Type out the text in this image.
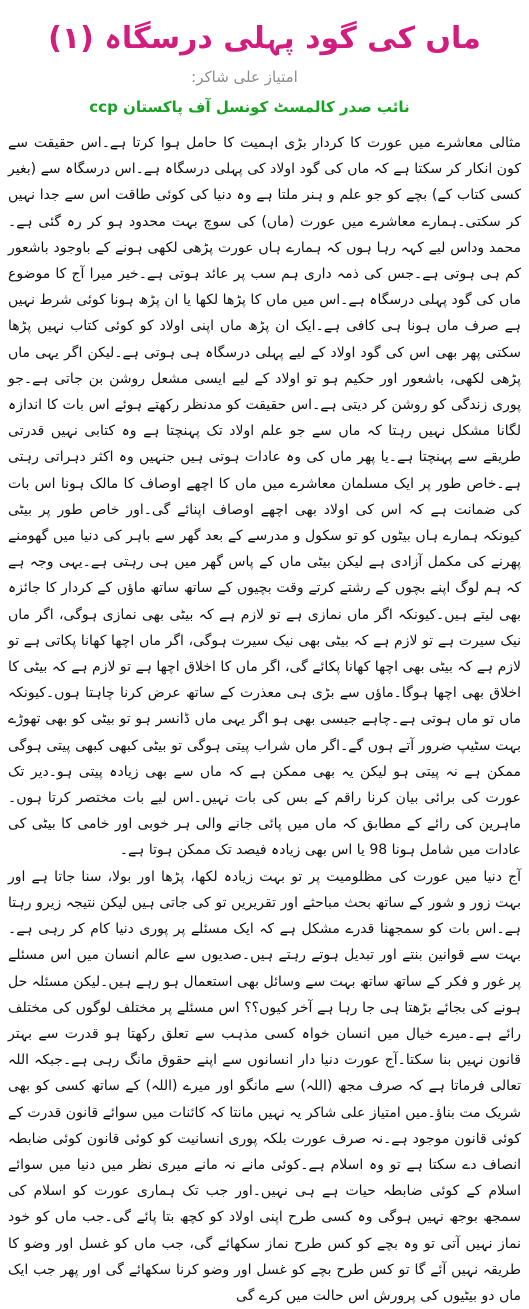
ماں کی گود پہلی درسگاہ (۱)
امتیاز علی شاکر:
نائب صدر کالمسٹ کونسل آف پاکستان ccp

مثالی معاشرے میں عورت کا کردار بڑی اہمیت کا حامل ہوا کرتا ہے۔اس حقیقت سے کون انکار کر سکتا ہے کہ ماں کی گود اولاد کی پہلی درسگاہ ہے۔اس درسگاہ سے (بغیر کسی کتاب کے) بچے کو جو علم و ہنر ملتا ہے وہ دنیا کی کوئی طاقت اس سے جدا نہیں کر سکتی۔ہمارے معاشرے میں عورت (ماں) کی سوچ بہت محدود ہو کر رہ گئی ہے۔محمد وداس لیے کہہ رہا ہوں کہ ہمارے ہاں عورت پڑھی لکھی ہونے کے باوجود باشعور کم ہی ہوتی ہے۔جس کی ذمہ داری ہم سب پر عائد ہوتی ہے۔خیر میرا آج کا موضوع ماں کی گود پہلی درسگاہ ہے۔اس میں ماں کا پڑھا لکھا یا ان پڑھ ہونا کوئی شرط نہیں ہے صرف ماں ہونا ہی کافی ہے۔ایک ان پڑھ ماں اپنی اولاد کو کوئی کتاب نہیں پڑھا سکتی پھر بھی اس کی گود اولاد کے لیے پہلی درسگاہ ہی ہوتی ہے۔لیکن اگر یہی ماں پڑھی لکھی، باشعور اور حکیم ہو تو اولاد کے لیے ایسی مشعل روشن بن جاتی ہے۔جو پوری زندگی کو روشن کر دیتی ہے۔اس حقیقت کو مدنظر رکھتے ہوئے اس بات کا اندازہ لگانا مشکل نہیں رہتا کہ ماں سے جو علم اولاد تک پہنچتا ہے وہ کتابی نہیں قدرتی طریقے سے پہنچتا ہے۔یا پھر ماں کی وہ عادات ہوتی ہیں جنہیں وہ اکثر دہراتی رہتی ہے۔خاص طور پر ایک مسلمان معاشرے میں ماں کا اچھے اوصاف کا مالک ہونا اس بات کی ضمانت ہے کہ اس کی اولاد بھی اچھے اوصاف اپنائے گی۔اور خاص طور پر بیٹی کیونکہ ہمارے ہاں بیٹوں کو تو سکول و مدرسے کے بعد گھر سے باہر کی دنیا میں گھومنے پھرنے کی مکمل آزادی ہے لیکن بیٹی ماں کے پاس گھر میں ہی رہتی ہے۔یہی وجہ ہے کہ ہم لوگ اپنے بچوں کے رشتے کرتے وقت بچیوں کے ساتھ ساتھ ماؤں کے کردار کا جائزہ بھی لیتے ہیں۔کیونکہ اگر ماں نمازی ہے تو لازم ہے کہ بیٹی بھی نمازی ہوگی، اگر ماں نیک سیرت ہے تو لازم ہے کہ بیٹی بھی نیک سیرت ہوگی، اگر ماں اچھا کھانا پکاتی ہے تو لازم ہے کہ بیٹی بھی اچھا کھانا پکائے گی، اگر ماں کا اخلاق اچھا ہے تو لازم ہے کہ بیٹی کا اخلاق بھی اچھا ہوگا۔ماؤں سے بڑی ہی معذرت کے ساتھ عرض کرنا چاہتا ہوں۔کیونکہ ماں تو ماں ہوتی ہے۔چاہے جیسی بھی ہو اگر یہی ماں ڈانسر ہو تو بیٹی کو بھی تھوڑے بہت سٹیپ ضرور آتے ہوں گے۔اگر ماں شراب پیتی ہوگی تو بیٹی کبھی کبھی پیتی ہوگی ممکن ہے نہ پیتی ہو لیکن یہ بھی ممکن ہے کہ ماں سے بھی زیادہ پیتی ہو۔دیر تک عورت کی برائی بیان کرنا راقم کے بس کی بات نہیں۔اس لیے بات مختصر کرتا ہوں۔ماہرین کی رائے کے مطابق کہ ماں میں پائی جانے والی ہر خوبی اور خامی کا بیٹی کی عادات میں شامل ہونا 98 یا اس بھی زیادہ فیصد تک ممکن ہوتا ہے۔

آج دنیا میں عورت کی مظلومیت پر تو بہت زیادہ لکھا، پڑھا اور بولا، سنا جاتا ہے اور بہت زور و شور کے ساتھ بحث مباحثے اور تقریریں تو کی جاتی ہیں لیکن نتیجہ زیرو رہتا ہے۔اس بات کو سمجھنا قدرے مشکل ہے کہ ایک مسئلے پر پوری دنیا کام کر رہی ہے۔بہت سے قوانین بنتے اور تبدیل ہوتے رہتے ہیں۔صدیوں سے عالم انسان میں اس مسئلے پر غور و فکر کے ساتھ ساتھ بہت سے وسائل بھی استعمال ہو رہے ہیں۔لیکن مسئلہ حل ہونے کی بجائے بڑھتا ہی جا رہا ہے آخر کیوں؟؟ اس مسئلے پر مختلف لوگوں کی مختلف رائے ہے۔میرے خیال میں انسان خواہ کسی مذہب سے تعلق رکھتا ہو قدرت سے بہتر قانون نہیں بنا سکتا۔آج عورت دنیا دار انسانوں سے اپنے حقوق مانگ رہی ہے۔جبکہ اللہ تعالی فرماتا ہے کہ صرف مجھ (اللہ) سے مانگو اور میرے (اللہ) کے ساتھ کسی کو بھی شریک مت بناؤ۔میں امتیاز علی شاکر یہ نہیں مانتا کہ کائنات میں سوائے قانون قدرت کے کوئی قانون موجود ہے۔نہ صرف عورت بلکہ پوری انسانیت کو کوئی قانون کوئی ضابطہ انصاف دے سکتا ہے تو وہ اسلام ہے۔کوئی مانے نہ مانے میری نظر میں دنیا میں سوائے اسلام کے کوئی ضابطہ حیات ہے ہی نہیں۔اور جب تک ہماری عورت کو اسلام کی سمجھ بوجھ نہیں ہوگی وہ کسی طرح اپنی اولاد کو کچھ بتا پائے گی۔جب ماں کو خود نماز نہیں آتی تو وہ بچے کو کس طرح نماز سکھائے گی، جب ماں کو غسل اور وضو کا طریقہ نہیں آئے گا تو کس طرح بچے کو غسل اور وضو کرنا سکھائے گی اور پھر جب ایک ماں دو بیٹیوں کی پرورش اس حالت میں کرے گی
